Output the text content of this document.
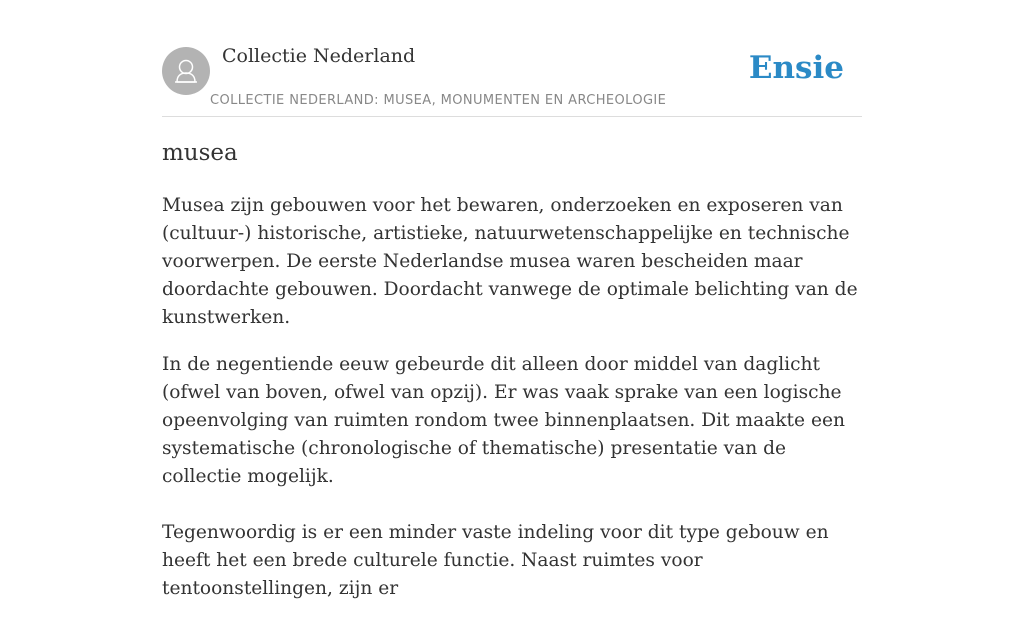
Collectie Nederland
COLLECTIE NEDERLAND: MUSEA, MONUMENTEN EN ARCHEOLOGIE
Ensie
musea

Musea zijn gebouwen voor het bewaren, onderzoeken en exposeren van (cultuur-) historische, artistieke, natuurwetenschappelijke en technische voorwerpen. De eerste Nederlandse musea waren bescheiden maar doordachte gebouwen. Doordacht vanwege de optimale belichting van de kunstwerken.

In de negentiende eeuw gebeurde dit alleen door middel van daglicht (ofwel van boven, ofwel van opzij). Er was vaak sprake van een logische opeenvolging van ruimten rondom twee binnenplaatsen. Dit maakte een systematische (chronologische of thematische) presentatie van de collectie mogelijk.

Tegenwoordig is er een minder vaste indeling voor dit type gebouw en heeft het een brede culturele functie. Naast ruimtes voor tentoonstellingen, zijn er
